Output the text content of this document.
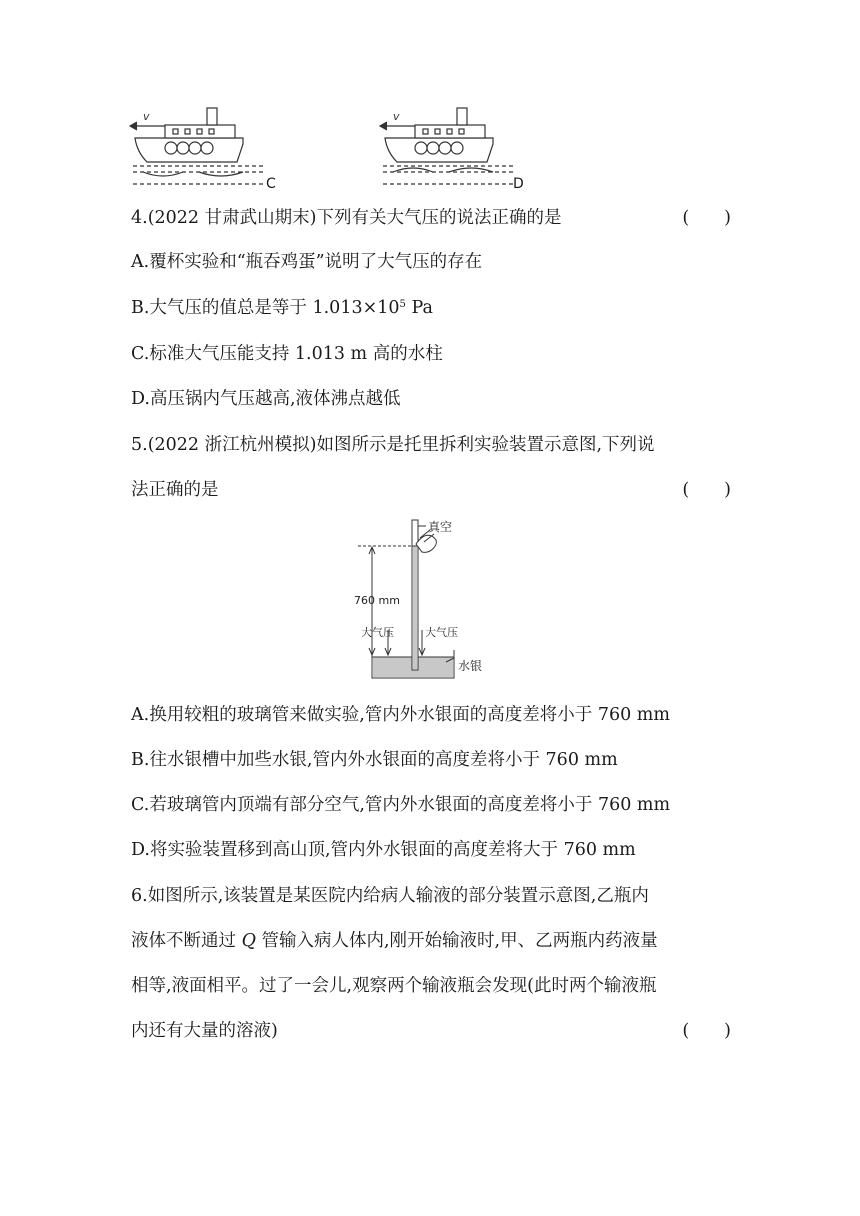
v
C
v
D
4.(2022 甘肃武山期末)下列有关大气压的说法正确的是	(　　)
A.覆杯实验和“瓶吞鸡蛋”说明了大气压的存在
B.大气压的值总是等于 $1.013\times 10^5$ Pa
C.标准大气压能支持 1.013 m 高的水柱
D.高压锅内气压越高,液体沸点越低
5.(2022 浙江杭州模拟)如图所示是托里拆利实验装置示意图,下列说
法正确的是	(　　)
真空
760 mm
大气压	大气压
水银
A.换用较粗的玻璃管来做实验,管内外水银面的高度差将小于 760 mm
B.往水银槽中加些水银,管内外水银面的高度差将小于 760 mm
C.若玻璃管内顶端有部分空气,管内外水银面的高度差将小于 760 mm
D.将实验装置移到高山顶,管内外水银面的高度差将大于 760 mm
6.如图所示,该装置是某医院内给病人输液的部分装置示意图,乙瓶内
液体不断通过 Q 管输入病人体内,刚开始输液时,甲、乙两瓶内药液量
相等,液面相平。过了一会儿,观察两个输液瓶会发现(此时两个输液瓶
内还有大量的溶液)	(　　)
